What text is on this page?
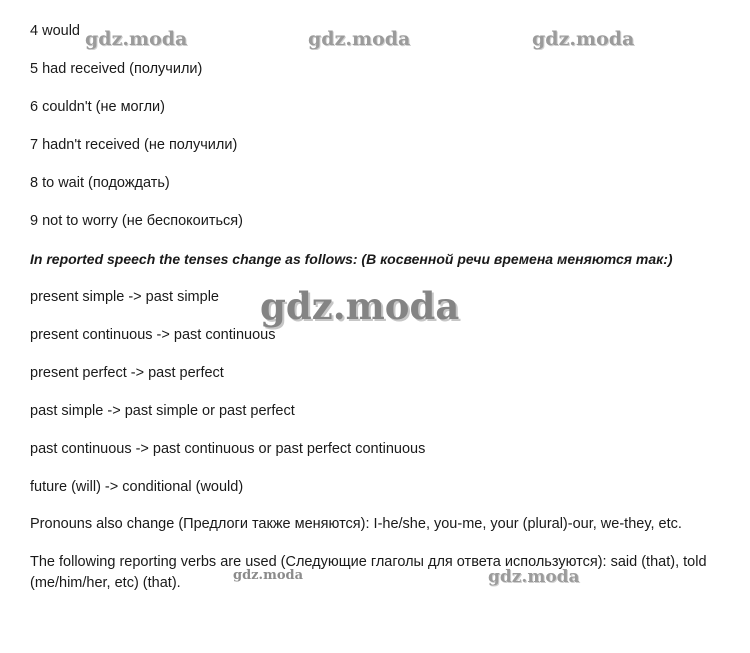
4 would
5 had received (получили)
6 couldn't (не могли)
7 hadn't received (не получили)
8 to wait (подождать)
9 not to worry (не беспокоиться)
In reported speech the tenses change as follows: (В косвенной речи времена меняются так:)
present simple -> past simple
present continuous -> past continuous
present perfect -> past perfect
past simple -> past simple or past perfect
past continuous -> past continuous or past perfect continuous
future (will) -> conditional (would)
Pronouns also change (Предлоги также меняются): I-he/she, you-me, your (plural)-our, we-they, etc.
The following reporting verbs are used (Следующие глаголы для ответа используются): said (that), told (me/him/her, etc) (that).
gdz.moda	gdz.moda	gdz.moda
gdz.moda
gdz.moda	gdz.moda
